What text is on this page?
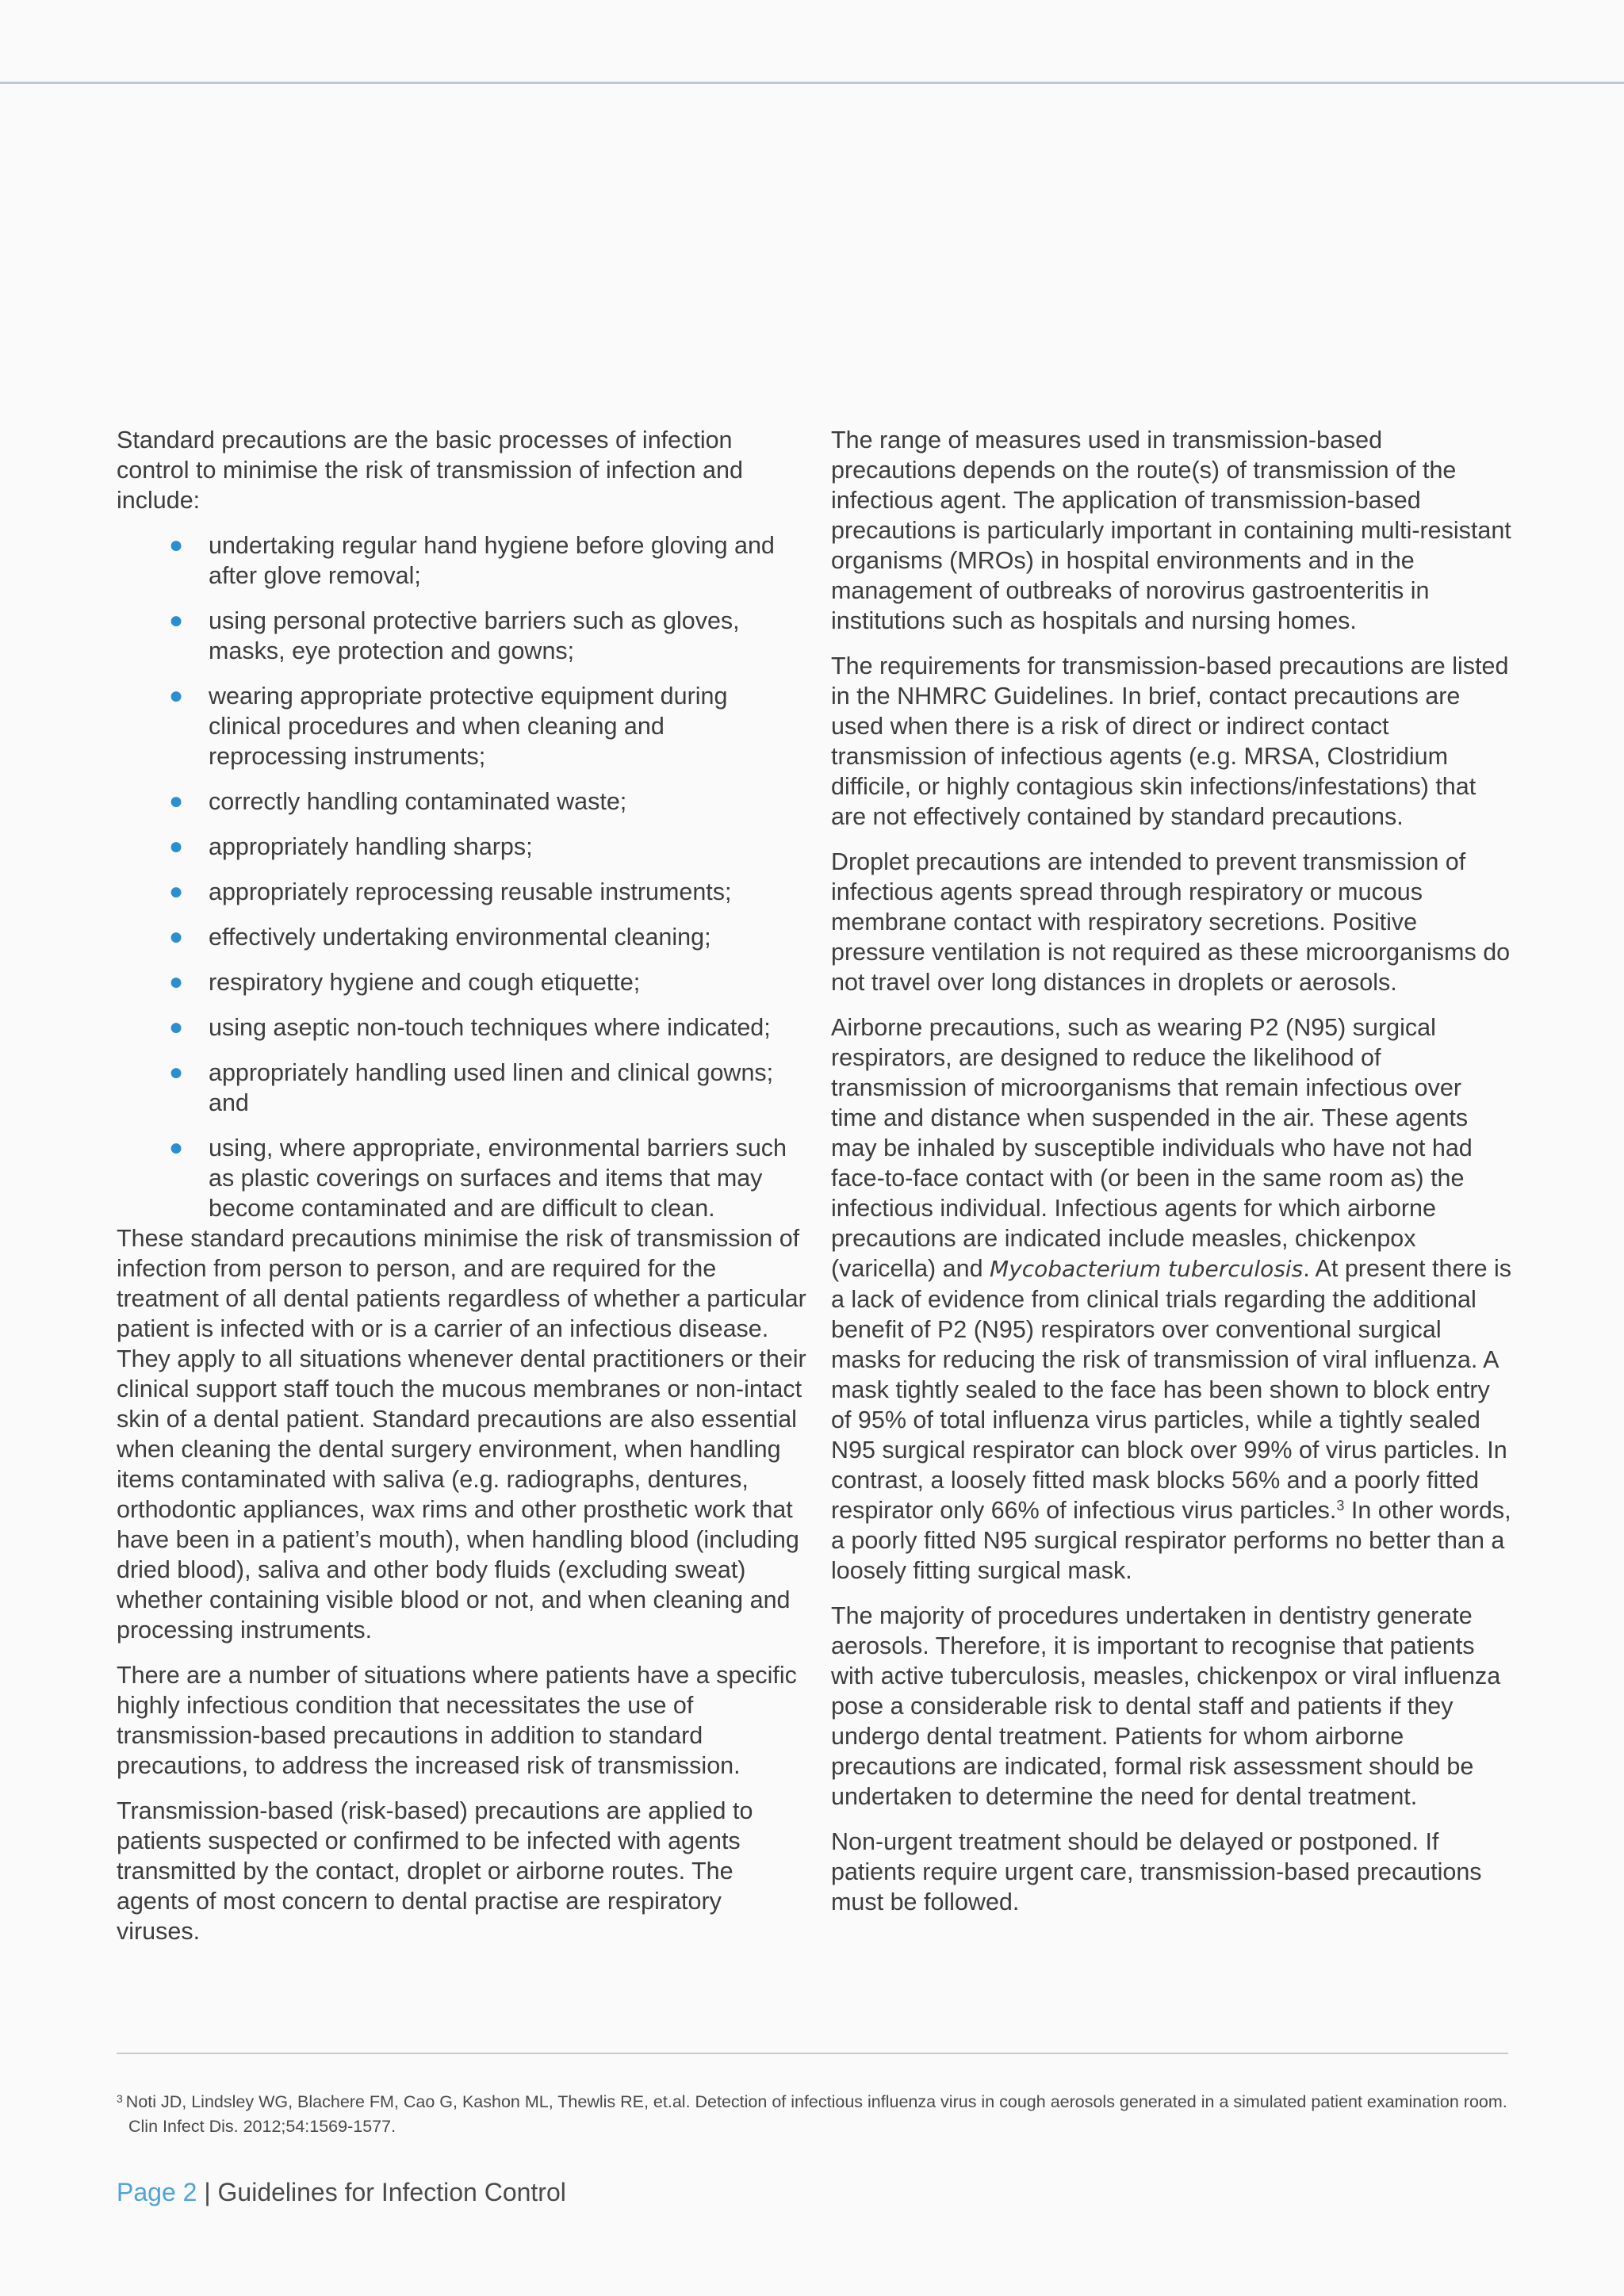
Standard precautions are the basic processes of infection control to minimise the risk of transmission of infection and include:

● undertaking regular hand hygiene before gloving and after glove removal;
● using personal protective barriers such as gloves, masks, eye protection and gowns;
● wearing appropriate protective equipment during clinical procedures and when cleaning and reprocessing instruments;
● correctly handling contaminated waste;
● appropriately handling sharps;
● appropriately reprocessing reusable instruments;
● effectively undertaking environmental cleaning;
● respiratory hygiene and cough etiquette;
● using aseptic non-touch techniques where indicated;
● appropriately handling used linen and clinical gowns; and
● using, where appropriate, environmental barriers such as plastic coverings on surfaces and items that may become contaminated and are difficult to clean.

These standard precautions minimise the risk of transmission of infection from person to person, and are required for the treatment of all dental patients regardless of whether a particular patient is infected with or is a carrier of an infectious disease. They apply to all situations whenever dental practitioners or their clinical support staff touch the mucous membranes or non-intact skin of a dental patient. Standard precautions are also essential when cleaning the dental surgery environment, when handling items contaminated with saliva (e.g. radiographs, dentures, orthodontic appliances, wax rims and other prosthetic work that have been in a patient’s mouth), when handling blood (including dried blood), saliva and other body fluids (excluding sweat) whether containing visible blood or not, and when cleaning and processing instruments.

There are a number of situations where patients have a specific highly infectious condition that necessitates the use of transmission-based precautions in addition to standard precautions, to address the increased risk of transmission.

Transmission-based (risk-based) precautions are applied to patients suspected or confirmed to be infected with agents transmitted by the contact, droplet or airborne routes. The agents of most concern to dental practise are respiratory viruses.

The range of measures used in transmission-based precautions depends on the route(s) of transmission of the infectious agent. The application of transmission-based precautions is particularly important in containing multi-resistant organisms (MROs) in hospital environments and in the management of outbreaks of norovirus gastroenteritis in institutions such as hospitals and nursing homes.

The requirements for transmission-based precautions are listed in the NHMRC Guidelines. In brief, contact precautions are used when there is a risk of direct or indirect contact transmission of infectious agents (e.g. MRSA, Clostridium difficile, or highly contagious skin infections/infestations) that are not effectively contained by standard precautions.

Droplet precautions are intended to prevent transmission of infectious agents spread through respiratory or mucous membrane contact with respiratory secretions. Positive pressure ventilation is not required as these microorganisms do not travel over long distances in droplets or aerosols.

Airborne precautions, such as wearing P2 (N95) surgical respirators, are designed to reduce the likelihood of transmission of microorganisms that remain infectious over time and distance when suspended in the air. These agents may be inhaled by susceptible individuals who have not had face-to-face contact with (or been in the same room as) the infectious individual. Infectious agents for which airborne precautions are indicated include measles, chickenpox (varicella) and Mycobacterium tuberculosis. At present there is a lack of evidence from clinical trials regarding the additional benefit of P2 (N95) respirators over conventional surgical masks for reducing the risk of transmission of viral influenza. A mask tightly sealed to the face has been shown to block entry of 95% of total influenza virus particles, while a tightly sealed N95 surgical respirator can block over 99% of virus particles. In contrast, a loosely fitted mask blocks 56% and a poorly fitted respirator only 66% of infectious virus particles.$^3$ In other words, a poorly fitted N95 surgical respirator performs no better than a loosely fitting surgical mask.

The majority of procedures undertaken in dentistry generate aerosols. Therefore, it is important to recognise that patients with active tuberculosis, measles, chickenpox or viral influenza pose a considerable risk to dental staff and patients if they undergo dental treatment. Patients for whom airborne precautions are indicated, formal risk assessment should be undertaken to determine the need for dental treatment.

Non-urgent treatment should be delayed or postponed. If patients require urgent care, transmission-based precautions must be followed.

$^3$ Noti JD, Lindsley WG, Blachere FM, Cao G, Kashon ML, Thewlis RE, et.al. Detection of infectious influenza virus in cough aerosols generated in a simulated patient examination room. Clin Infect Dis. 2012;54:1569-1577.
Page 2 | Guidelines for Infection Control
